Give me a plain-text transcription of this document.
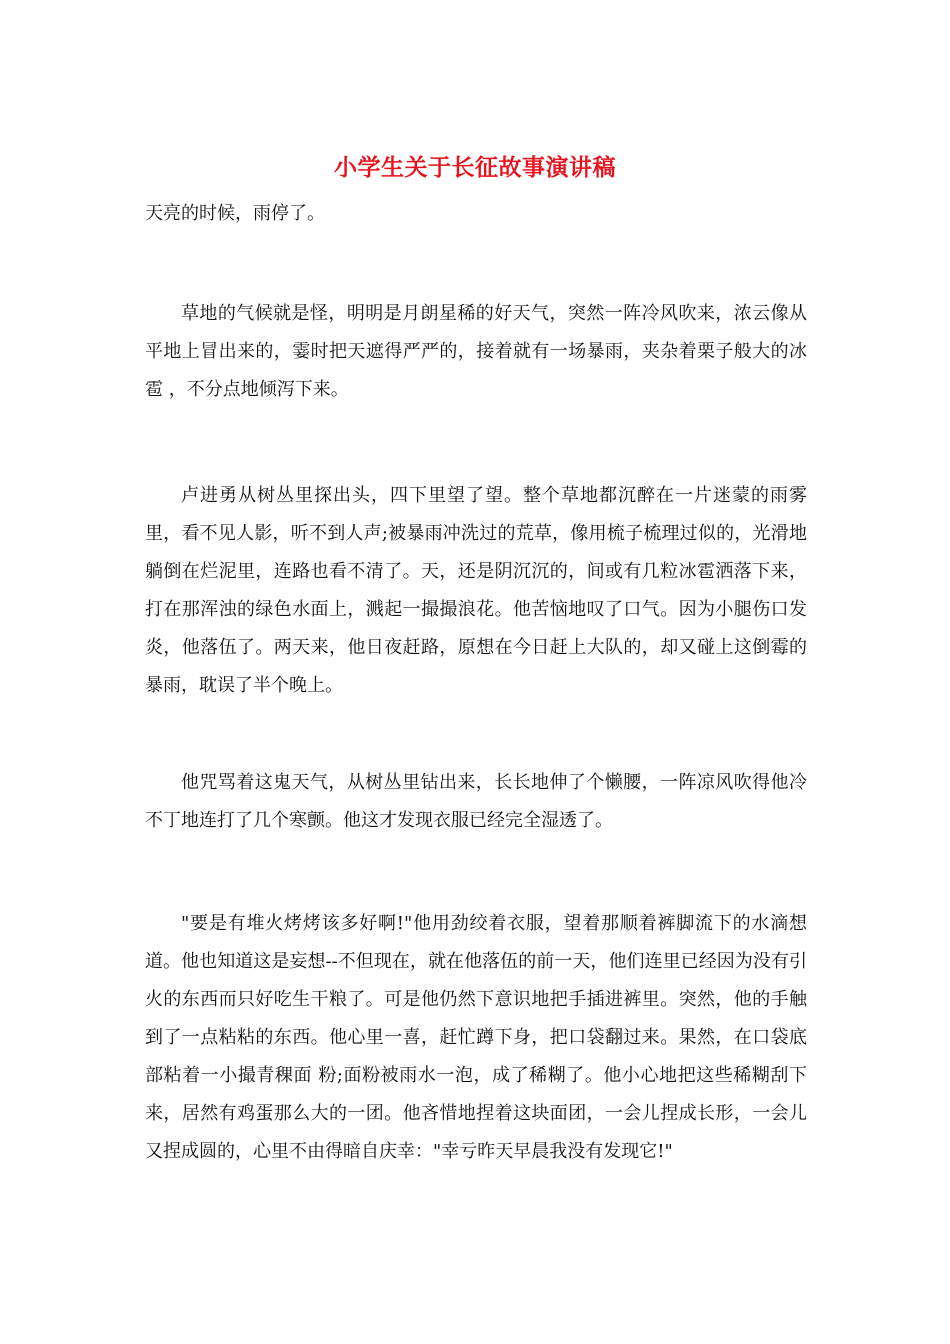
小学生关于长征故事演讲稿

天亮的时候，雨停了。

草地的气候就是怪，明明是月朗星稀的好天气，突然一阵冷风吹来，浓云像从平地上冒出来的，霎时把天遮得严严的，接着就有一场暴雨，夹杂着栗子般大的冰雹 ，不分点地倾泻下来。

卢进勇从树丛里探出头，四下里望了望。整个草地都沉醉在一片迷蒙的雨雾里，看不见人影，听不到人声;被暴雨冲洗过的荒草，像用梳子梳理过似的，光滑地躺倒在烂泥里，连路也看不清了。天，还是阴沉沉的，间或有几粒冰雹洒落下来，打在那浑浊的绿色水面上，溅起一撮撮浪花。他苦恼地叹了口气。因为小腿伤口发炎，他落伍了。两天来，他日夜赶路，原想在今日赶上大队的，却又碰上这倒霉的暴雨，耽误了半个晚上。

他咒骂着这鬼天气，从树丛里钻出来，长长地伸了个懒腰，一阵凉风吹得他冷不丁地连打了几个寒颤。他这才发现衣服已经完全湿透了。

"要是有堆火烤烤该多好啊!"他用劲绞着衣服，望着那顺着裤脚流下的水滴想道。他也知道这是妄想--不但现在，就在他落伍的前一天，他们连里已经因为没有引火的东西而只好吃生干粮了。可是他仍然下意识地把手插进裤里。突然，他的手触到了一点粘粘的东西。他心里一喜，赶忙蹲下身，把口袋翻过来。果然，在口袋底部粘着一小撮青稞面 粉;面粉被雨水一泡，成了稀糊了。他小心地把这些稀糊刮下来，居然有鸡蛋那么大的一团。他吝惜地捏着这块面团，一会儿捏成长形，一会儿又捏成圆的，心里不由得暗自庆幸："幸亏昨天早晨我没有发现它!"
